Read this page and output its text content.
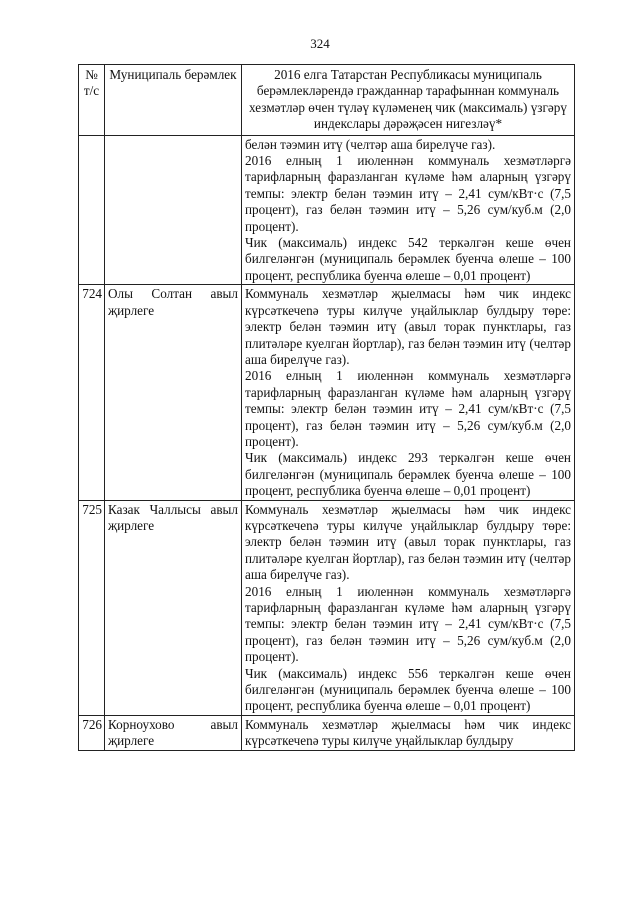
324
№ т/с	Муниципаль берәмлек	2016 елга Татарстан Республикасы муниципаль берәмлекләрендә гражданнар тарафыннан коммуналь хезмәтләр өчен түләү күләменең чик (максималь) үзгәрү индекслары дәрәҗәсен нигезләү*

		белән тәэмин итү (чeлтәр аша бирелүче газ).
2016 елның 1 июленнән коммуналь хезмәтләргә тарифларның фаразланган күләме һәм аларның үзгәрү темпы: электр белән тәэмин итү – 2,41 сум/кВт·с (7,5 процент), газ белән тәэмин итү – 5,26 сум/куб.м (2,0 процент).
Чик (максималь) индекс 542 теркәлгән кеше өчен билгеләнгән (муниципаль берәмлек буенча өлеше – 100 процент, республика буенча өлеше – 0,01 процент)

724	Олы Солтан авыл җирлеге	Коммуналь хезмәтләр җыелмасы һәм чик индекс күрсәткечenә туры килүче уңайлыклар булдыру төре: электр белән тәэмин итү (авыл торак пунктлары, газ плитәләре куелган йортлар), газ белән тәэмин итү (челтәр аша бирелүче газ).
2016 елның 1 июленнән коммуналь хезмәтләргә тарифларның фаразланган күләме һәм аларның үзгәрү темпы: электр белән тәэмин итү – 2,41 сум/кВт·с (7,5 процент), газ белән тәэмин итү – 5,26 сум/куб.м (2,0 процент).
Чик (максималь) индекс 293 теркәлгән кеше өчен билгеләнгән (муниципаль берәмлек буенча өлеше – 100 процент, республика буенча өлеше – 0,01 процент)

725	Казак Чаллысы авыл җирлеге	Коммуналь хезмәтләр җыелмасы һәм чик индекс күрсәткечenә туры килүче уңайлыклар булдыру төре: электр белән тәэмин итү (авыл торак пунктлары, газ плитәләре куелган йортлар), газ белән тәэмин итү (челтәр аша бирелүче газ).
2016 елның 1 июленнән коммуналь хезмәтләргә тарифларның фаразланган күләме һәм аларның үзгәрү темпы: электр белән тәэмин итү – 2,41 сум/кВт·с (7,5 процент), газ белән тәэмин итү – 5,26 сум/куб.м (2,0 процент).
Чик (максималь) индекс 556 теркәлгән кеше өчен билгеләнгән (муниципаль берәмлек буенча өлеше – 100 процент, республика буенча өлеше – 0,01 процент)

726	Корноухово авыл җирлеге	Коммуналь хезмәтләр җыелмасы һәм чик индекс күрсәткечenә туры килүче уңайлыклар булдыру
